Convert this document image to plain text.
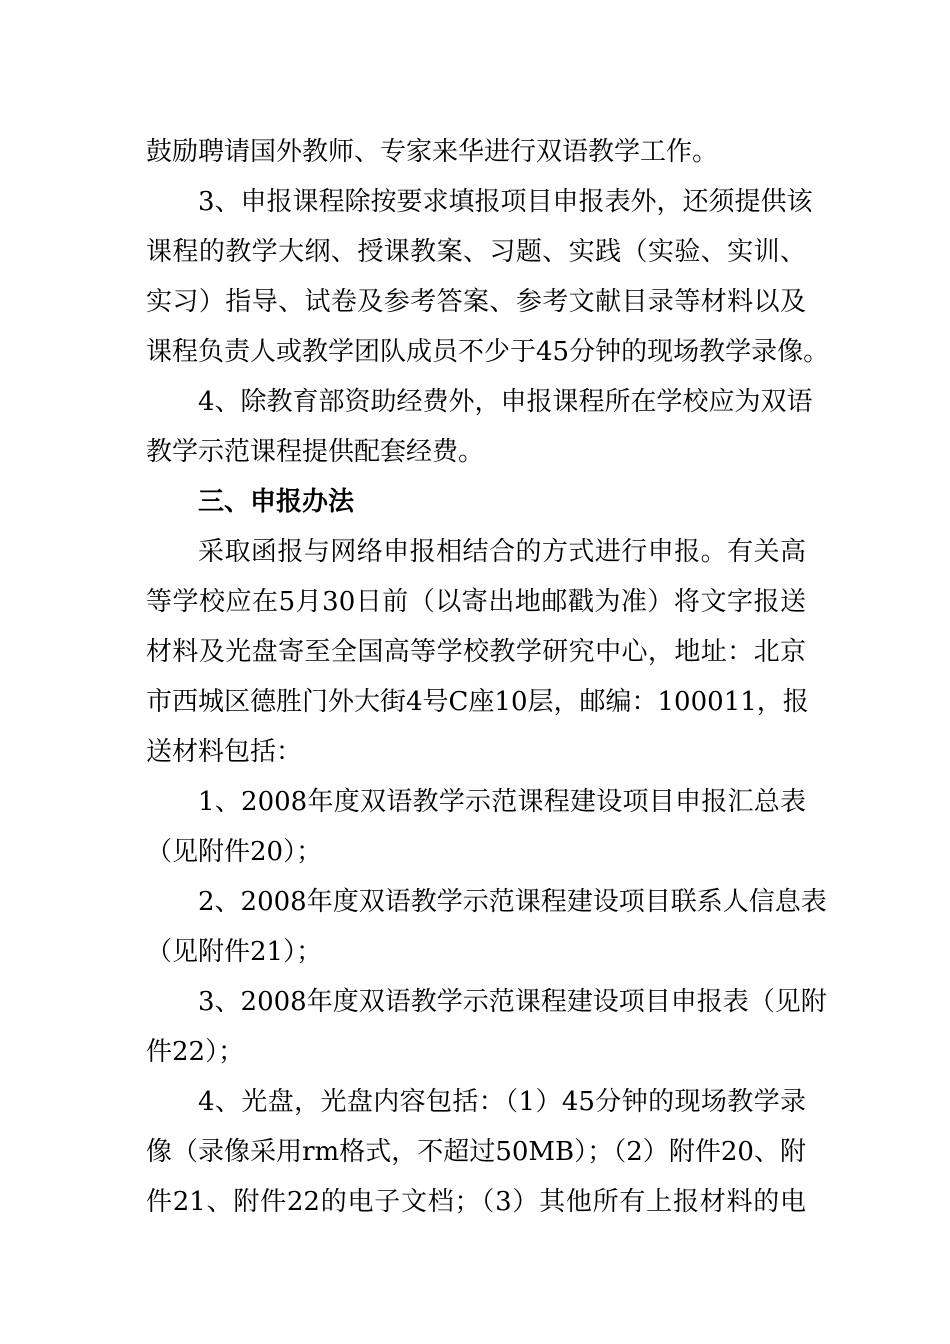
鼓励聘请国外教师、专家来华进行双语教学工作。
3、申报课程除按要求填报项目申报表外，还须提供该
课程的教学大纲、授课教案、习题、实践（实验、实训、
实习）指导、试卷及参考答案、参考文献目录等材料以及
课程负责人或教学团队成员不少于45分钟的现场教学录像。
4、除教育部资助经费外，申报课程所在学校应为双语
教学示范课程提供配套经费。
三、申报办法
采取函报与网络申报相结合的方式进行申报。有关高
等学校应在5月30日前（以寄出地邮戳为准）将文字报送
材料及光盘寄至全国高等学校教学研究中心，地址：北京
市西城区德胜门外大街4号C座10层，邮编：100011，报
送材料包括：
1、2008年度双语教学示范课程建设项目申报汇总表
（见附件20）；
2、2008年度双语教学示范课程建设项目联系人信息表
（见附件21）；
3、2008年度双语教学示范课程建设项目申报表（见附
件22）；
4、光盘，光盘内容包括：（1）45分钟的现场教学录
像（录像采用rm格式，不超过50MB）；（2）附件20、附
件21、附件22的电子文档；（3）其他所有上报材料的电
